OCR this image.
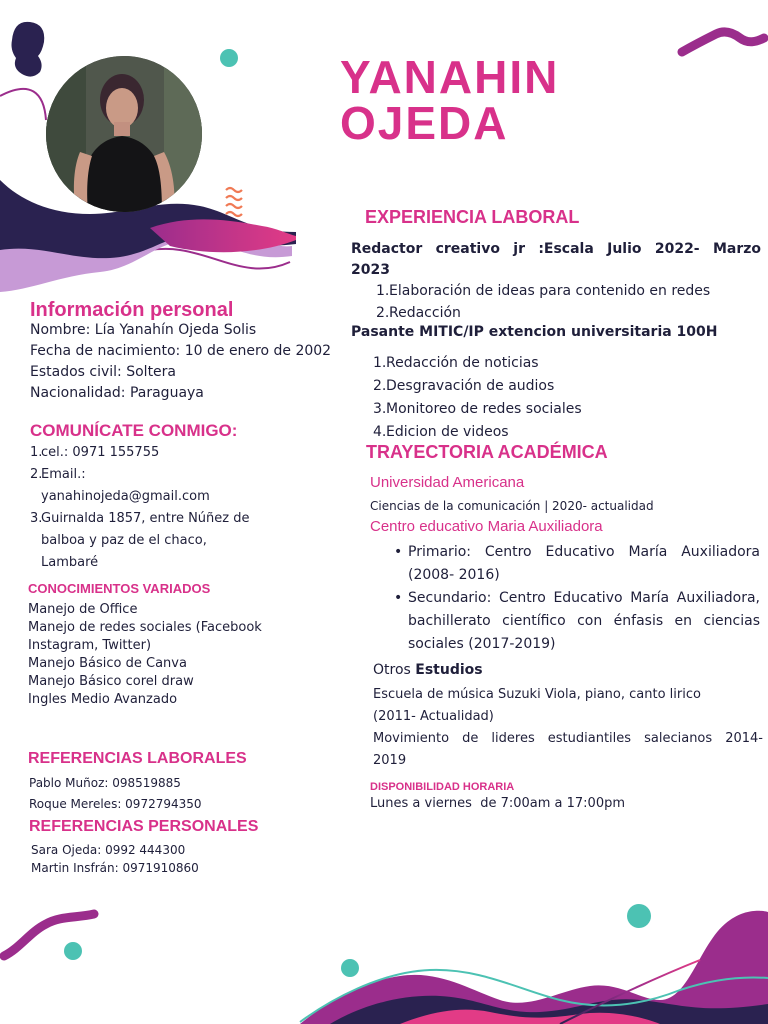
YANAHIN
OJEDA
Información personal
Nombre: Lía Yanahín Ojeda Solis
Fecha de nacimiento: 10 de enero de 2002
Estados civil: Soltera
Nacionalidad: Paraguaya
COMUNÍCATE CONMIGO:
1.
cel.: 0971 155755
2.
Email.:
yanahinojeda@gmail.com
3.
Guirnalda 1857, entre Núñez de
balboa y paz de el chaco,
Lambaré
CONOCIMIENTOS VARIADOS
Manejo de Office
Manejo de redes sociales (Facebook
Instagram, Twitter)
Manejo Básico de Canva
Manejo Básico corel draw
Ingles Medio Avanzado
REFERENCIAS LABORALES
Pablo Muñoz: 098519885
Roque Mereles: 0972794350
REFERENCIAS PERSONALES
Sara Ojeda: 0992 444300
Martin Insfrán: 0971910860
EXPERIENCIA LABORAL
Redactor creativo jr :Escala Julio 2022- Marzo
2023
1. Elaboración de ideas para contenido en redes
2. Redacción
Pasante MITIC/IP extencion universitaria 100H
1. Redacción de noticias
2. Desgravación de audios
3. Monitoreo de redes sociales
4. Edicion de videos
TRAYECTORIA ACADÉMICA
Universidad Americana
Ciencias de la comunicación | 2020- actualidad
Centro educativo Maria Auxiliadora
• Primario: Centro Educativo María Auxiliadora (2008- 2016)
• Secundario: Centro Educativo María Auxiliadora, bachillerato científico con énfasis en ciencias sociales (2017-2019)
Otros Estudios
Escuela de música Suzuki Viola, piano, canto lirico
(2011- Actualidad)
Movimiento de lideres estudiantiles salecianos 2014-
2019
DISPONIBILIDAD HORARIA
Lunes a viernes  de 7:00am a 17:00pm
